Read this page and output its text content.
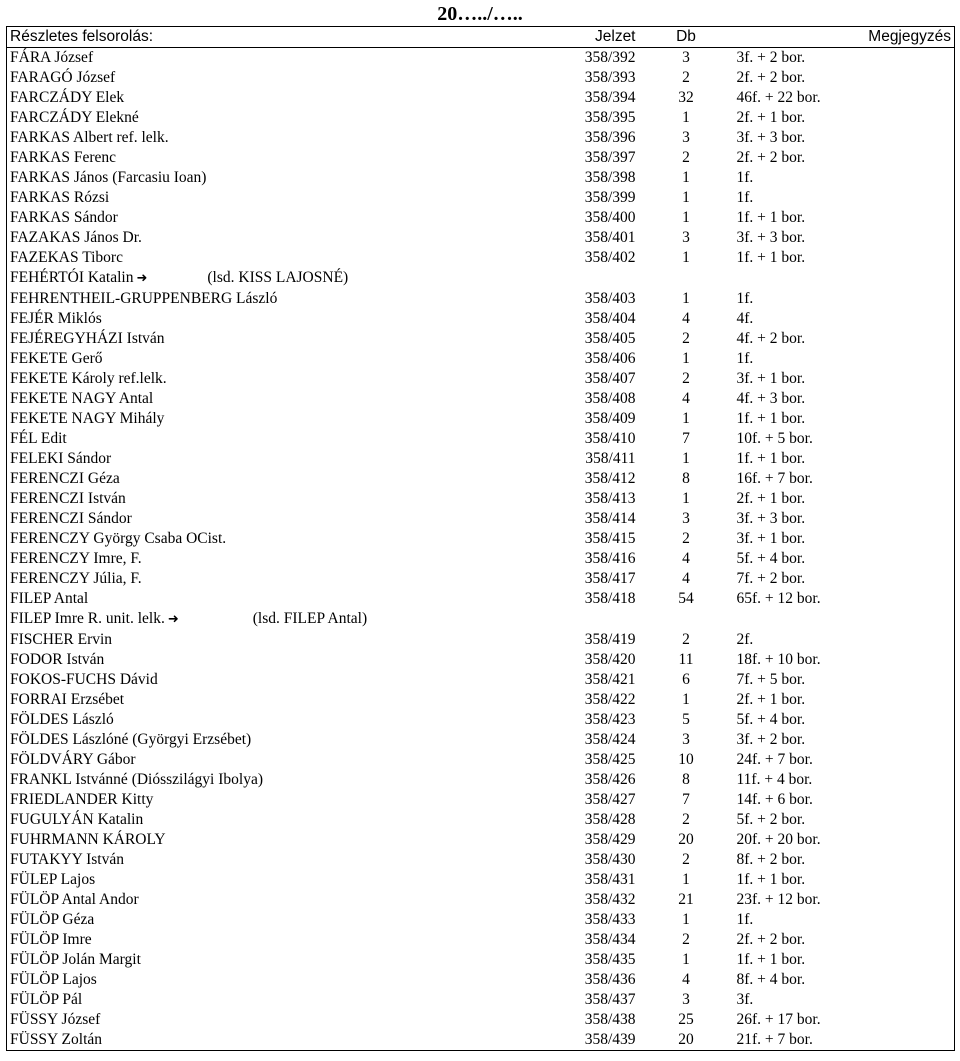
20…../…..
Részletes felsorolás:	Jelzet	Db	Megjegyzés
FÁRA József	358/392	3	3f. + 2 bor.
FARAGÓ József	358/393	2	2f. + 2 bor.
FARCZÁDY Elek	358/394	32	46f. + 22 bor.
FARCZÁDY Elekné	358/395	1	2f. + 1 bor.
FARKAS Albert ref. lelk.	358/396	3	3f. + 3 bor.
FARKAS Ferenc	358/397	2	2f. + 2 bor.
FARKAS János (Farcasiu Ioan)	358/398	1	1f.
FARKAS Rózsi	358/399	1	1f.
FARKAS Sándor	358/400	1	1f. + 1 bor.
FAZAKAS János Dr.	358/401	3	3f. + 3 bor.
FAZEKAS Tiborc	358/402	1	1f. + 1 bor.
FEHÉRTÓI Katalin ➜ (lsd. KISS LAJOSNÉ)			
FEHRENTHEIL-GRUPPENBERG László	358/403	1	1f.
FEJÉR Miklós	358/404	4	4f.
FEJÉREGYHÁZI István	358/405	2	4f. + 2 bor.
FEKETE Gerő	358/406	1	1f.
FEKETE Károly ref.lelk.	358/407	2	3f. + 1 bor.
FEKETE NAGY Antal	358/408	4	4f. + 3 bor.
FEKETE NAGY Mihály	358/409	1	1f. + 1 bor.
FÉL Edit	358/410	7	10f. + 5 bor.
FELEKI Sándor	358/411	1	1f. + 1 bor.
FERENCZI Géza	358/412	8	16f. + 7 bor.
FERENCZI István	358/413	1	2f. + 1 bor.
FERENCZI Sándor	358/414	3	3f. + 3 bor.
FERENCZY György Csaba OCist.	358/415	2	3f. + 1 bor.
FERENCZY Imre, F.	358/416	4	5f. + 4 bor.
FERENCZY Júlia, F.	358/417	4	7f. + 2 bor.
FILEP Antal	358/418	54	65f. + 12 bor.
FILEP Imre R. unit. lelk. ➜ (lsd. FILEP Antal)			
FISCHER Ervin	358/419	2	2f.
FODOR István	358/420	11	18f. + 10 bor.
FOKOS-FUCHS Dávid	358/421	6	7f. + 5 bor.
FORRAI Erzsébet	358/422	1	2f. + 1 bor.
FÖLDES László	358/423	5	5f. + 4 bor.
FÖLDES Lászlóné (Györgyi Erzsébet)	358/424	3	3f. + 2 bor.
FÖLDVÁRY Gábor	358/425	10	24f. + 7 bor.
FRANKL Istvánné (Diósszilágyi Ibolya)	358/426	8	11f. + 4 bor.
FRIEDLANDER Kitty	358/427	7	14f. + 6 bor.
FUGULYÁN Katalin	358/428	2	5f. + 2 bor.
FUHRMANN KÁROLY	358/429	20	20f. + 20 bor.
FUTAKYY István	358/430	2	8f. + 2 bor.
FÜLEP Lajos	358/431	1	1f. + 1 bor.
FÜLÖP Antal Andor	358/432	21	23f. + 12 bor.
FÜLÖP Géza	358/433	1	1f.
FÜLÖP Imre	358/434	2	2f. + 2 bor.
FÜLÖP Jolán Margit	358/435	1	1f. + 1 bor.
FÜLÖP Lajos	358/436	4	8f. + 4 bor.
FÜLÖP Pál	358/437	3	3f.
FÜSSY József	358/438	25	26f. + 17 bor.
FÜSSY Zoltán	358/439	20	21f. + 7 bor.
